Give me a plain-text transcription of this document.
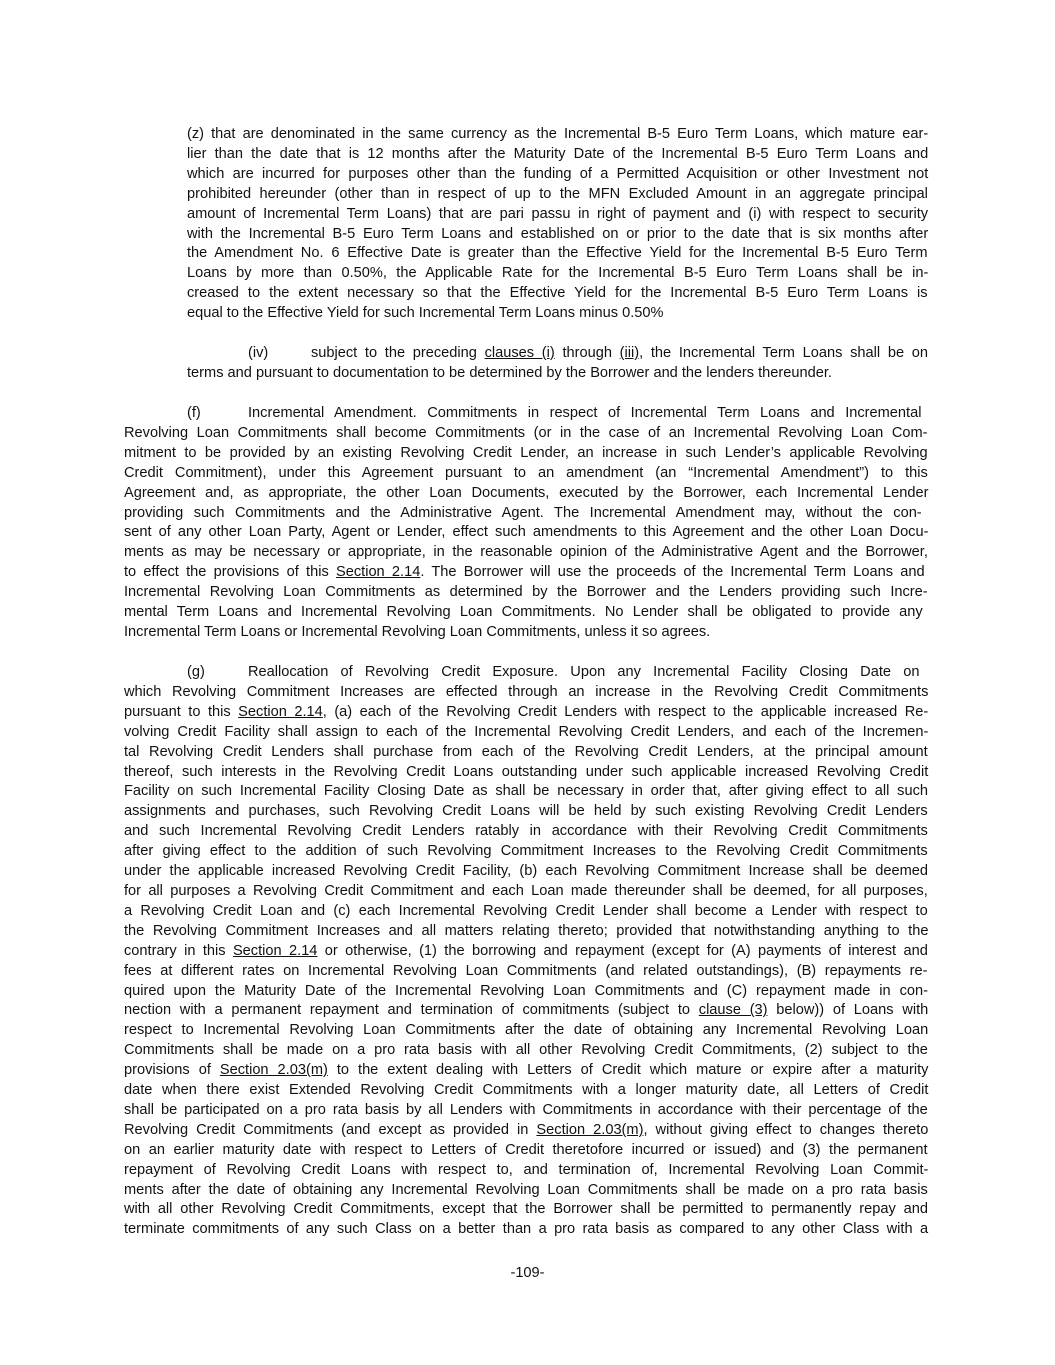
(z) that are denominated in the same currency as the Incremental B-5 Euro Term Loans, which mature ear-
lier than the date that is 12 months after the Maturity Date of the Incremental B-5 Euro Term Loans and
which are incurred for purposes other than the funding of a Permitted Acquisition or other Investment not
prohibited hereunder (other than in respect of up to the MFN Excluded Amount in an aggregate principal
amount of Incremental Term Loans) that are pari passu in right of payment and (i) with respect to security
with the Incremental B-5 Euro Term Loans and established on or prior to the date that is six months after
the Amendment No. 6 Effective Date is greater than the Effective Yield for the Incremental B-5 Euro Term
Loans by more than 0.50%, the Applicable Rate for the Incremental B-5 Euro Term Loans shall be in-
creased to the extent necessary so that the Effective Yield for the Incremental B-5 Euro Term Loans is
equal to the Effective Yield for such Incremental Term Loans minus 0.50%
(iv)	subject to the preceding clauses (i) through (iii), the Incremental Term Loans shall be on
terms and pursuant to documentation to be determined by the Borrower and the lenders thereunder.
(f)	Incremental Amendment. Commitments in respect of Incremental Term Loans and Incremental
Revolving Loan Commitments shall become Commitments (or in the case of an Incremental Revolving Loan Com-
mitment to be provided by an existing Revolving Credit Lender, an increase in such Lender’s applicable Revolving
Credit Commitment), under this Agreement pursuant to an amendment (an “Incremental Amendment”) to this
Agreement and, as appropriate, the other Loan Documents, executed by the Borrower, each Incremental Lender
providing such Commitments and the Administrative Agent. The Incremental Amendment may, without the con-
sent of any other Loan Party, Agent or Lender, effect such amendments to this Agreement and the other Loan Docu-
ments as may be necessary or appropriate, in the reasonable opinion of the Administrative Agent and the Borrower,
to effect the provisions of this Section 2.14. The Borrower will use the proceeds of the Incremental Term Loans and
Incremental Revolving Loan Commitments as determined by the Borrower and the Lenders providing such Incre-
mental Term Loans and Incremental Revolving Loan Commitments. No Lender shall be obligated to provide any
Incremental Term Loans or Incremental Revolving Loan Commitments, unless it so agrees.
(g)	Reallocation of Revolving Credit Exposure. Upon any Incremental Facility Closing Date on
which Revolving Commitment Increases are effected through an increase in the Revolving Credit Commitments
pursuant to this Section 2.14, (a) each of the Revolving Credit Lenders with respect to the applicable increased Re-
volving Credit Facility shall assign to each of the Incremental Revolving Credit Lenders, and each of the Incremen-
tal Revolving Credit Lenders shall purchase from each of the Revolving Credit Lenders, at the principal amount
thereof, such interests in the Revolving Credit Loans outstanding under such applicable increased Revolving Credit
Facility on such Incremental Facility Closing Date as shall be necessary in order that, after giving effect to all such
assignments and purchases, such Revolving Credit Loans will be held by such existing Revolving Credit Lenders
and such Incremental Revolving Credit Lenders ratably in accordance with their Revolving Credit Commitments
after giving effect to the addition of such Revolving Commitment Increases to the Revolving Credit Commitments
under the applicable increased Revolving Credit Facility, (b) each Revolving Commitment Increase shall be deemed
for all purposes a Revolving Credit Commitment and each Loan made thereunder shall be deemed, for all purposes,
a Revolving Credit Loan and (c) each Incremental Revolving Credit Lender shall become a Lender with respect to
the Revolving Commitment Increases and all matters relating thereto; provided that notwithstanding anything to the
contrary in this Section 2.14 or otherwise, (1) the borrowing and repayment (except for (A) payments of interest and
fees at different rates on Incremental Revolving Loan Commitments (and related outstandings), (B) repayments re-
quired upon the Maturity Date of the Incremental Revolving Loan Commitments and (C) repayment made in con-
nection with a permanent repayment and termination of commitments (subject to clause (3) below)) of Loans with
respect to Incremental Revolving Loan Commitments after the date of obtaining any Incremental Revolving Loan
Commitments shall be made on a pro rata basis with all other Revolving Credit Commitments, (2) subject to the
provisions of Section 2.03(m) to the extent dealing with Letters of Credit which mature or expire after a maturity
date when there exist Extended Revolving Credit Commitments with a longer maturity date, all Letters of Credit
shall be participated on a pro rata basis by all Lenders with Commitments in accordance with their percentage of the
Revolving Credit Commitments (and except as provided in Section 2.03(m), without giving effect to changes thereto
on an earlier maturity date with respect to Letters of Credit theretofore incurred or issued) and (3) the permanent
repayment of Revolving Credit Loans with respect to, and termination of, Incremental Revolving Loan Commit-
ments after the date of obtaining any Incremental Revolving Loan Commitments shall be made on a pro rata basis
with all other Revolving Credit Commitments, except that the Borrower shall be permitted to permanently repay and
terminate commitments of any such Class on a better than a pro rata basis as compared to any other Class with a

-109-
